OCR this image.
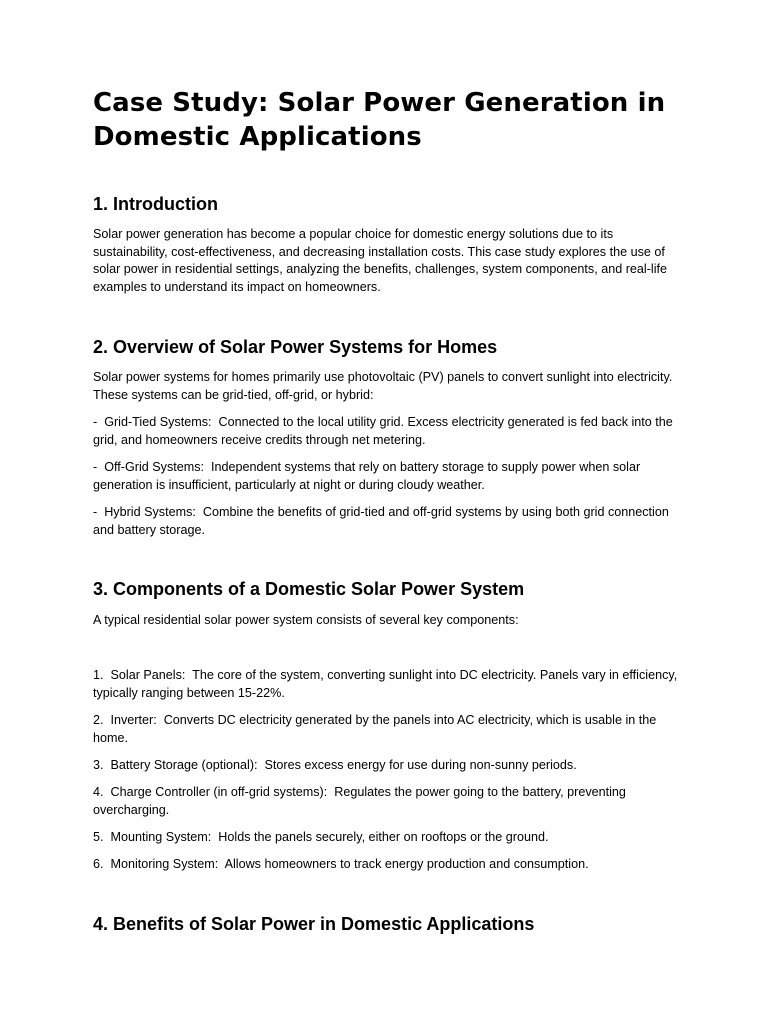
Case Study: Solar Power Generation in Domestic Applications
1. Introduction

Solar power generation has become a popular choice for domestic energy solutions due to its sustainability, cost-effectiveness, and decreasing installation costs. This case study explores the use of solar power in residential settings, analyzing the benefits, challenges, system components, and real-life examples to understand its impact on homeowners.

2. Overview of Solar Power Systems for Homes

Solar power systems for homes primarily use photovoltaic (PV) panels to convert sunlight into electricity. These systems can be grid-tied, off-grid, or hybrid:

-  Grid-Tied Systems:  Connected to the local utility grid. Excess electricity generated is fed back into the grid, and homeowners receive credits through net metering.

-  Off-Grid Systems:  Independent systems that rely on battery storage to supply power when solar generation is insufficient, particularly at night or during cloudy weather.

-  Hybrid Systems:  Combine the benefits of grid-tied and off-grid systems by using both grid connection and battery storage.

3. Components of a Domestic Solar Power System

A typical residential solar power system consists of several key components:

1.  Solar Panels:  The core of the system, converting sunlight into DC electricity. Panels vary in efficiency, typically ranging between 15-22%.

2.  Inverter:  Converts DC electricity generated by the panels into AC electricity, which is usable in the home.

3.  Battery Storage (optional):  Stores excess energy for use during non-sunny periods.

4.  Charge Controller (in off-grid systems):  Regulates the power going to the battery, preventing overcharging.

5.  Mounting System:  Holds the panels securely, either on rooftops or the ground.

6.  Monitoring System:  Allows homeowners to track energy production and consumption.

4. Benefits of Solar Power in Domestic Applications
